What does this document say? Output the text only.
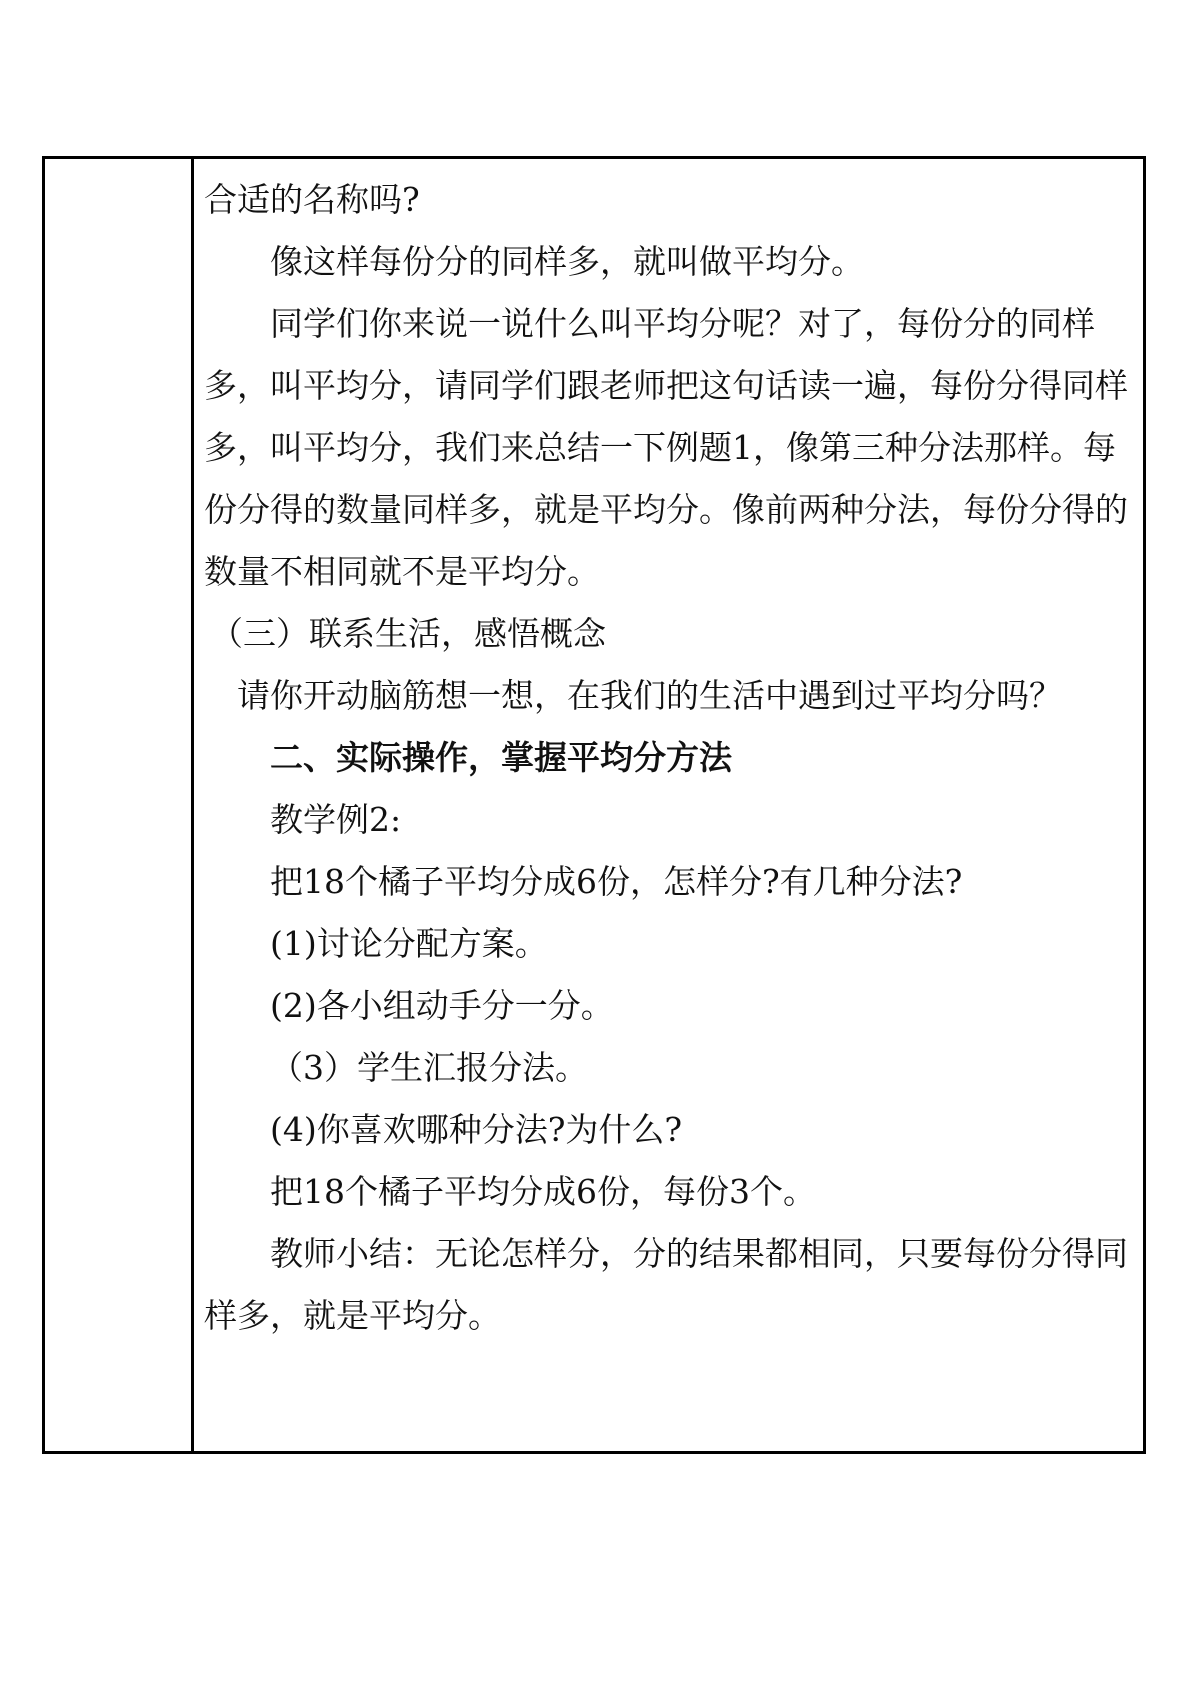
合适的名称吗?

像这样每份分的同样多，就叫做平均分。

同学们你来说一说什么叫平均分呢？对了，每份分的同样多，叫平均分，请同学们跟老师把这句话读一遍，每份分得同样多，叫平均分，我们来总结一下例题1，像第三种分法那样。每份分得的数量同样多，就是平均分。像前两种分法，每份分得的数量不相同就不是平均分。

（三）联系生活，感悟概念

请你开动脑筋想一想，在我们的生活中遇到过平均分吗？

二、实际操作，掌握平均分方法

教学例2:

把18个橘子平均分成6份，怎样分?有几种分法?

(1)讨论分配方案。

(2)各小组动手分一分。

（3）学生汇报分法。

(4)你喜欢哪种分法?为什么?

把18个橘子平均分成6份，每份3个。

教师小结：无论怎样分，分的结果都相同，只要每份分得同样多，就是平均分。
